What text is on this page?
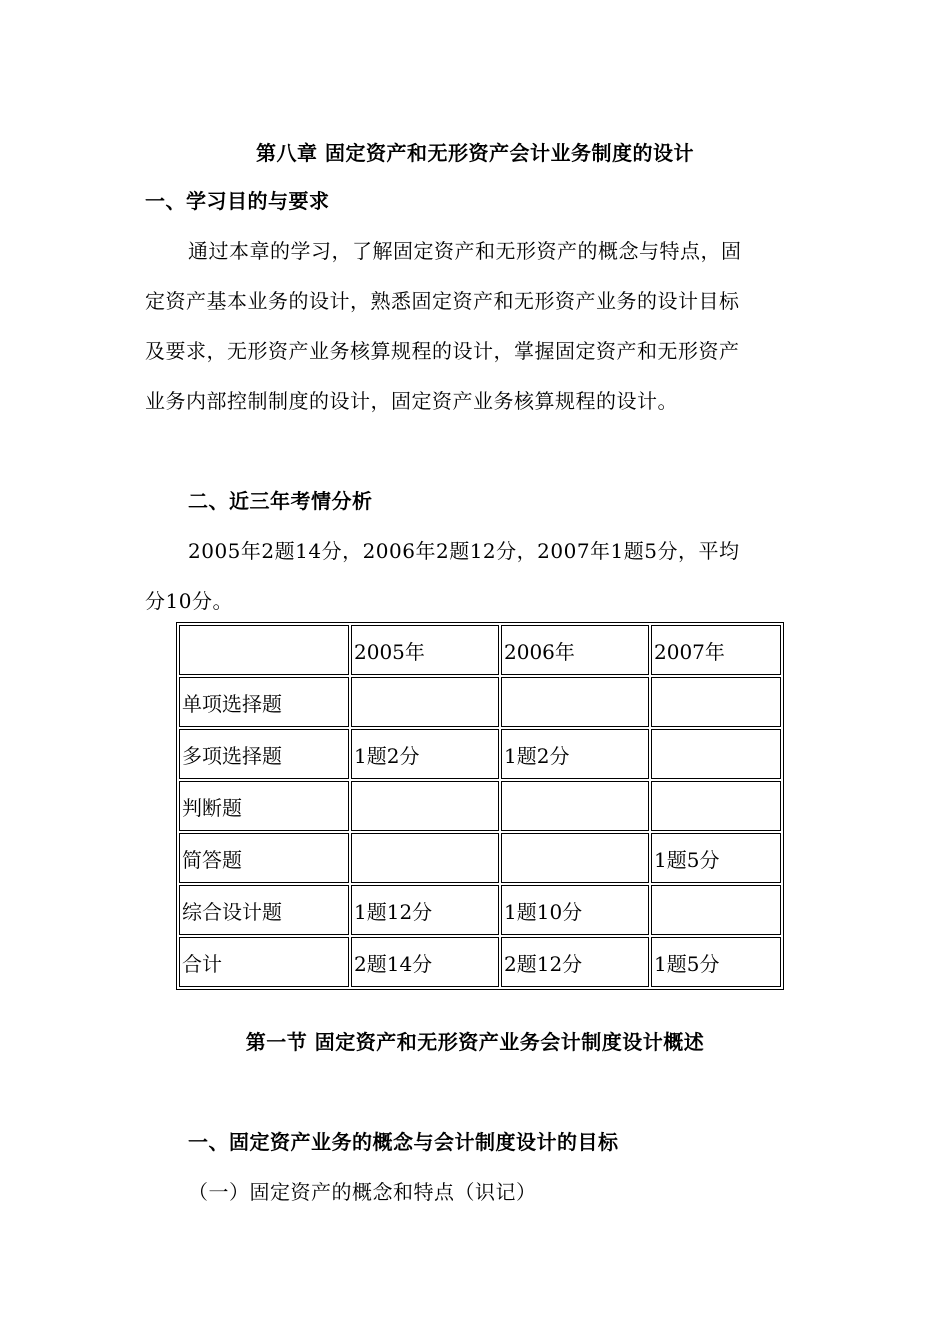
第八章 固定资产和无形资产会计业务制度的设计
一、学习目的与要求
通过本章的学习，了解固定资产和无形资产的概念与特点，固
定资产基本业务的设计，熟悉固定资产和无形资产业务的设计目标
及要求，无形资产业务核算规程的设计，掌握固定资产和无形资产
业务内部控制制度的设计，固定资产业务核算规程的设计。
二、近三年考情分析
2005年2题14分，2006年2题12分，2007年1题5分，平均
分10分。
	2005年	2006年	2007年
单项选择题			
多项选择题	1题2分	1题2分	
判断题			
简答题			1题5分
综合设计题	1题12分	1题10分	
合计	2题14分	2题12分	1题5分
第一节 固定资产和无形资产业务会计制度设计概述
一、固定资产业务的概念与会计制度设计的目标
（一）固定资产的概念和特点（识记）
